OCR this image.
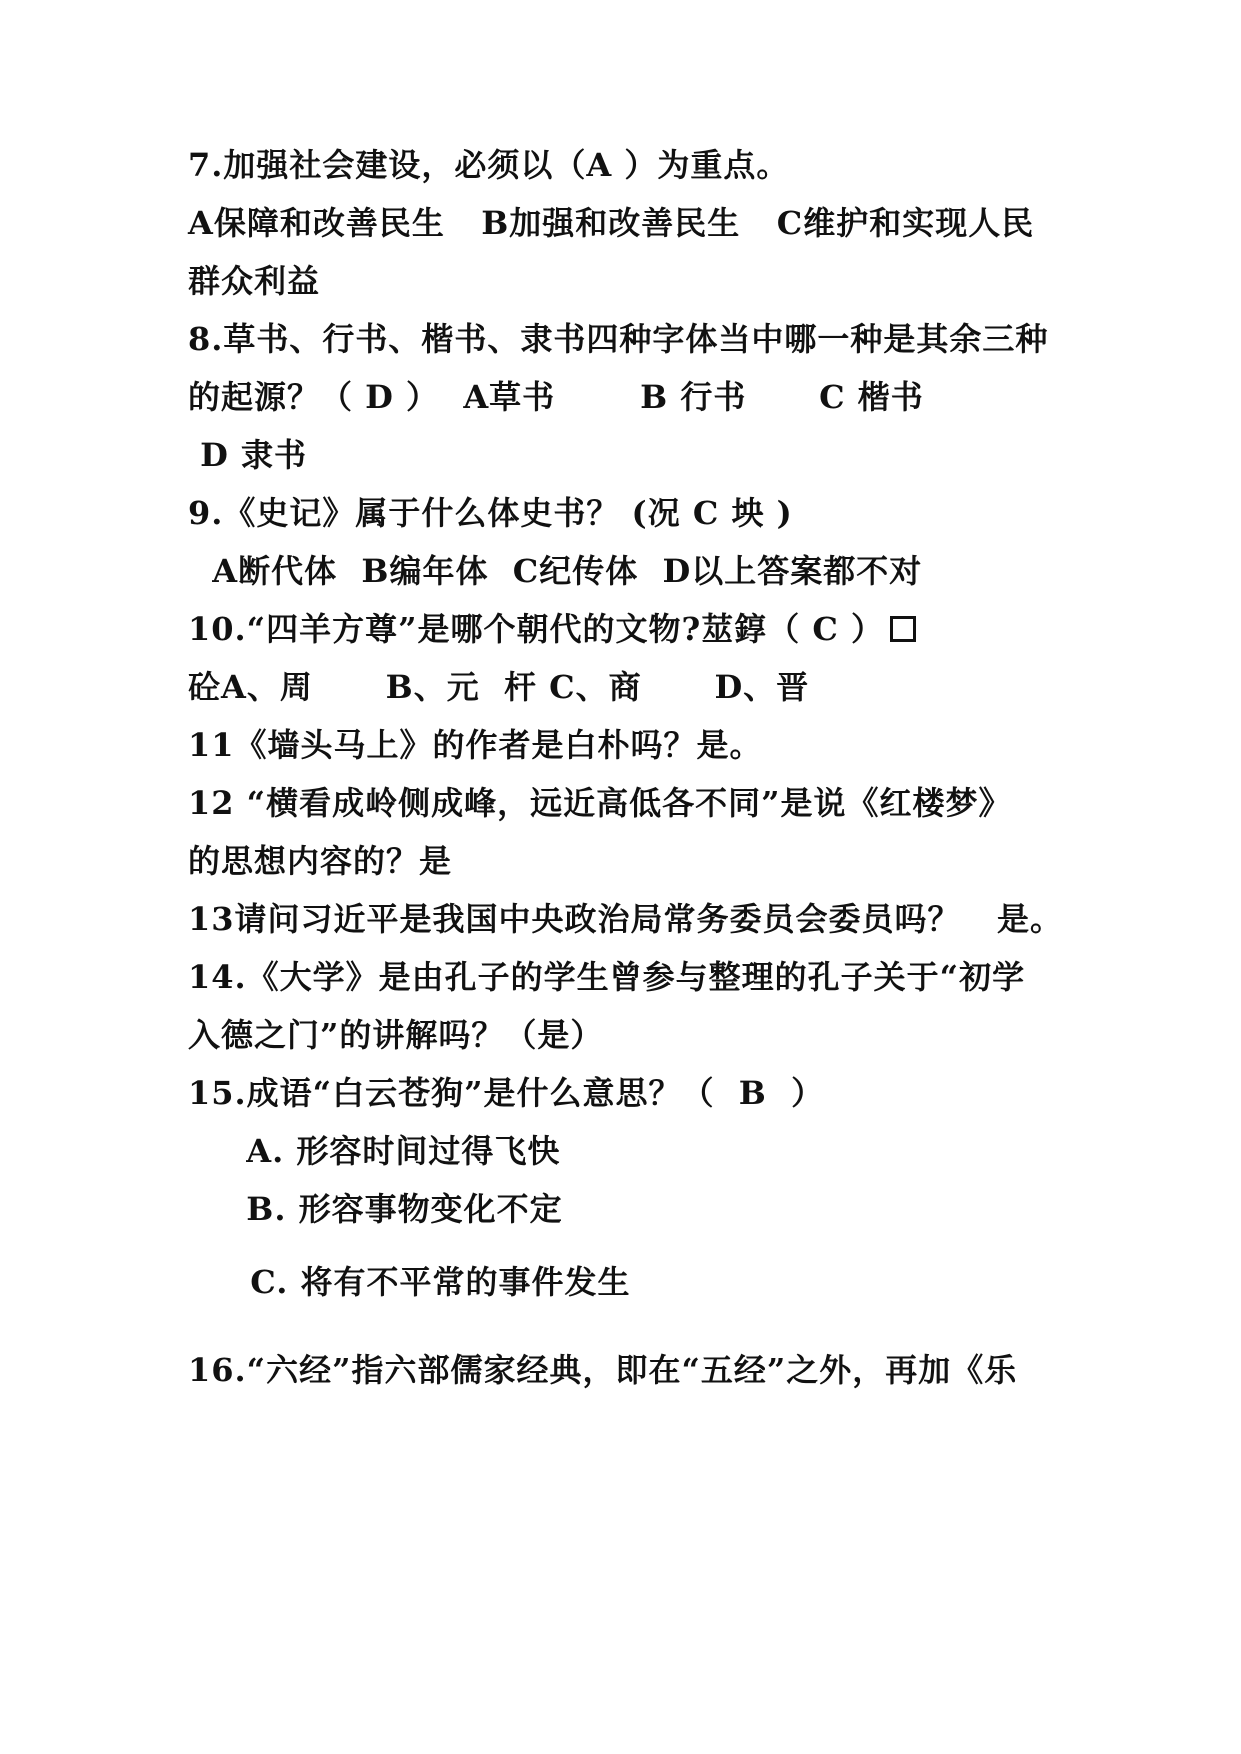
7.加强社会建设，必须以（A ）为重点。
A保障和改善民生   B加强和改善民生   C维护和实现人民
群众利益
8.草书、行书、楷书、隶书四种字体当中哪一种是其余三种
的起源？（ D ）  A草书       B 行书      C 楷书
D 隶书
9.《史记》属于什么体史书？ (况 C 坱 )
A断代体  B编年体  C纪传体  D以上答案都不对
10.“四羊方尊”是哪个朝代的文物?莁錞（ C ）
砼A、周      B、元  杆 C、商      D、晋
11《墙头马上》的作者是白朴吗？是。
12 “横看成岭侧成峰，远近高低各不同”是说《红楼梦》
的思想内容的？是
13请问习近平是我国中央政治局常务委员会委员吗？   是。
14.《大学》是由孔子的学生曾参与整理的孔子关于“初学
入德之门”的讲解吗？（是）
15.成语“白云苍狗”是什么意思？（  B  ）
A. 形容时间过得飞快
B. 形容事物变化不定
C. 将有不平常的事件发生
16.“六经”指六部儒家经典，即在“五经”之外，再加《乐
